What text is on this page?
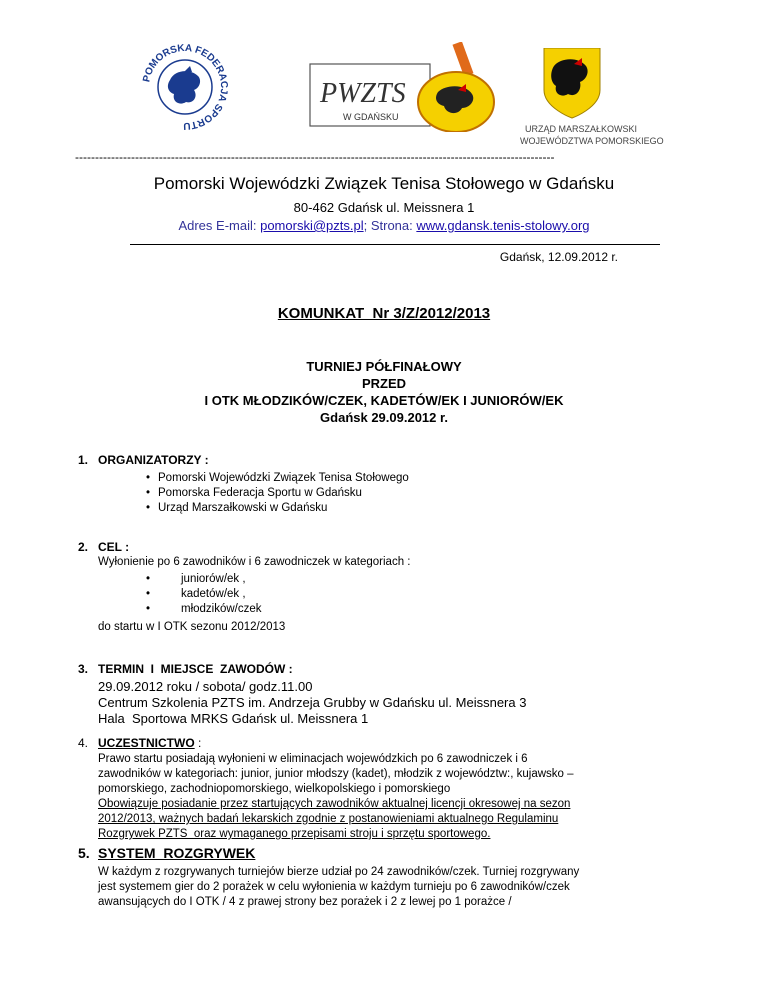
POMORSKA FEDERACJA SPORTU
PWZTS
W GDAŃSKU
URZĄD MARSZAŁKOWSKI
WOJEWÓDZTWA POMORSKIEGO
------------------------------------------------------------------------------------------------------------------------
Pomorski Wojewódzki Związek Tenisa Stołowego w Gdańsku
80-462 Gdańsk ul. Meissnera 1
Adres E-mail: pomorski@pzts.pl; Strona: www.gdansk.tenis-stolowy.org
Gdańsk, 12.09.2012 r.
KOMUNKAT  Nr 3/Z/2012/2013
TURNIEJ PÓŁFINAŁOWY
PRZED
I OTK MŁODZIKÓW/CZEK, KADETÓW/EK I JUNIORÓW/EK
Gdańsk 29.09.2012 r.
1. ORGANIZATORZY :
• Pomorski Wojewódzki Związek Tenisa Stołowego
• Pomorska Federacja Sportu w Gdańsku
• Urząd Marszałkowski w Gdańsku
2. CEL :
Wyłonienie po 6 zawodników i 6 zawodniczek w kategoriach :
•	juniorów/ek ,
•	kadetów/ek ,
•	młodzików/czek
do startu w I OTK sezonu 2012/2013
3. TERMIN  I  MIEJSCE  ZAWODÓW :
29.09.2012 roku / sobota/ godz.11.00
Centrum Szkolenia PZTS im. Andrzeja Grubby w Gdańsku ul. Meissnera 3
Hala  Sportowa MRKS Gdańsk ul. Meissnera 1
4. UCZESTNICTWO :
Prawo startu posiadają wyłonieni w eliminacjach wojewódzkich po 6 zawodniczek i 6
zawodników w kategoriach: junior, junior młodszy (kadet), młodzik z województw:, kujawsko –
pomorskiego, zachodniopomorskiego, wielkopolskiego i pomorskiego
Obowiązuje posiadanie przez startujących zawodników aktualnej licencji okresowej na sezon
2012/2013, ważnych badań lekarskich zgodnie z postanowieniami aktualnego Regulaminu
Rozgrywek PZTS  oraz wymaganego przepisami stroju i sprzętu sportowego.
5. SYSTEM  ROZGRYWEK
W każdym z rozgrywanych turniejów bierze udział po 24 zawodników/czek. Turniej rozgrywany
jest systemem gier do 2 porażek w celu wyłonienia w każdym turnieju po 6 zawodników/czek
awansujących do I OTK / 4 z prawej strony bez porażek i 2 z lewej po 1 porażce /
